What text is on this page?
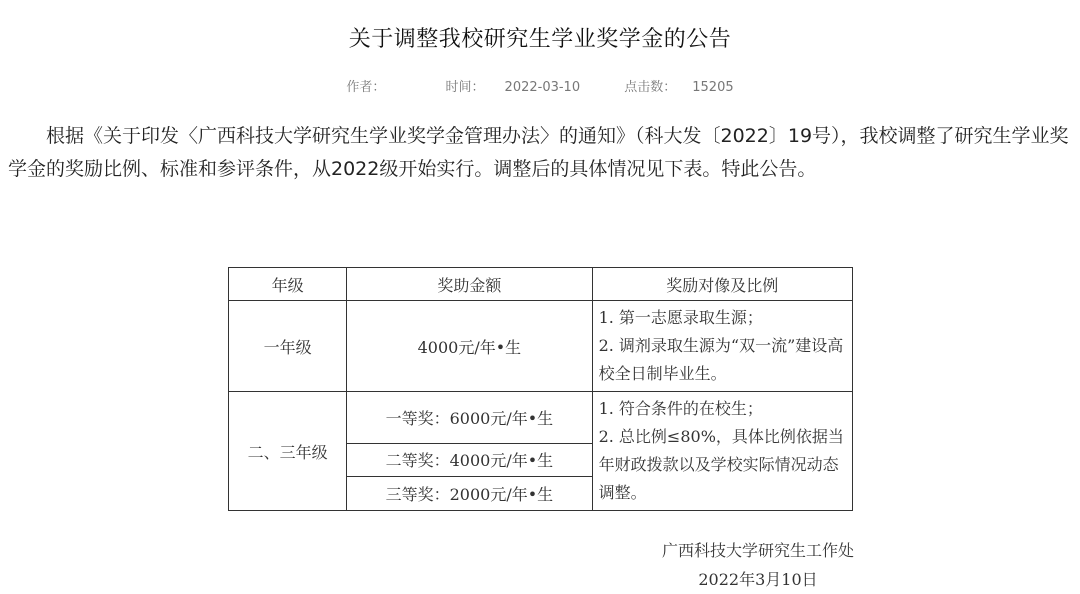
关于调整我校研究生学业奖学金的公告
作者：	时间： 2022-03-10	点击数： 15205
根据《关于印发〈广西科技大学研究生学业奖学金管理办法〉的通知》（科大发〔2022〕19号），我校调整了研究生学业奖学金的奖励比例、标准和参评条件，从2022级开始实行。调整后的具体情况见下表。特此公告。
年级	奖助金额	奖励对像及比例
一年级	4000元/年•生	1. 第一志愿录取生源；
2. 调剂录取生源为“双一流”建设高校全日制毕业生。

二、三年级	一等奖：6000元/年•生	1. 符合条件的在校生；
2. 总比例≤80%，具体比例依据当年财政拨款以及学校实际情况动态调整。

	二等奖：4000元/年•生	
	三等奖：2000元/年•生	
广西科技大学研究生工作处
2022年3月10日
